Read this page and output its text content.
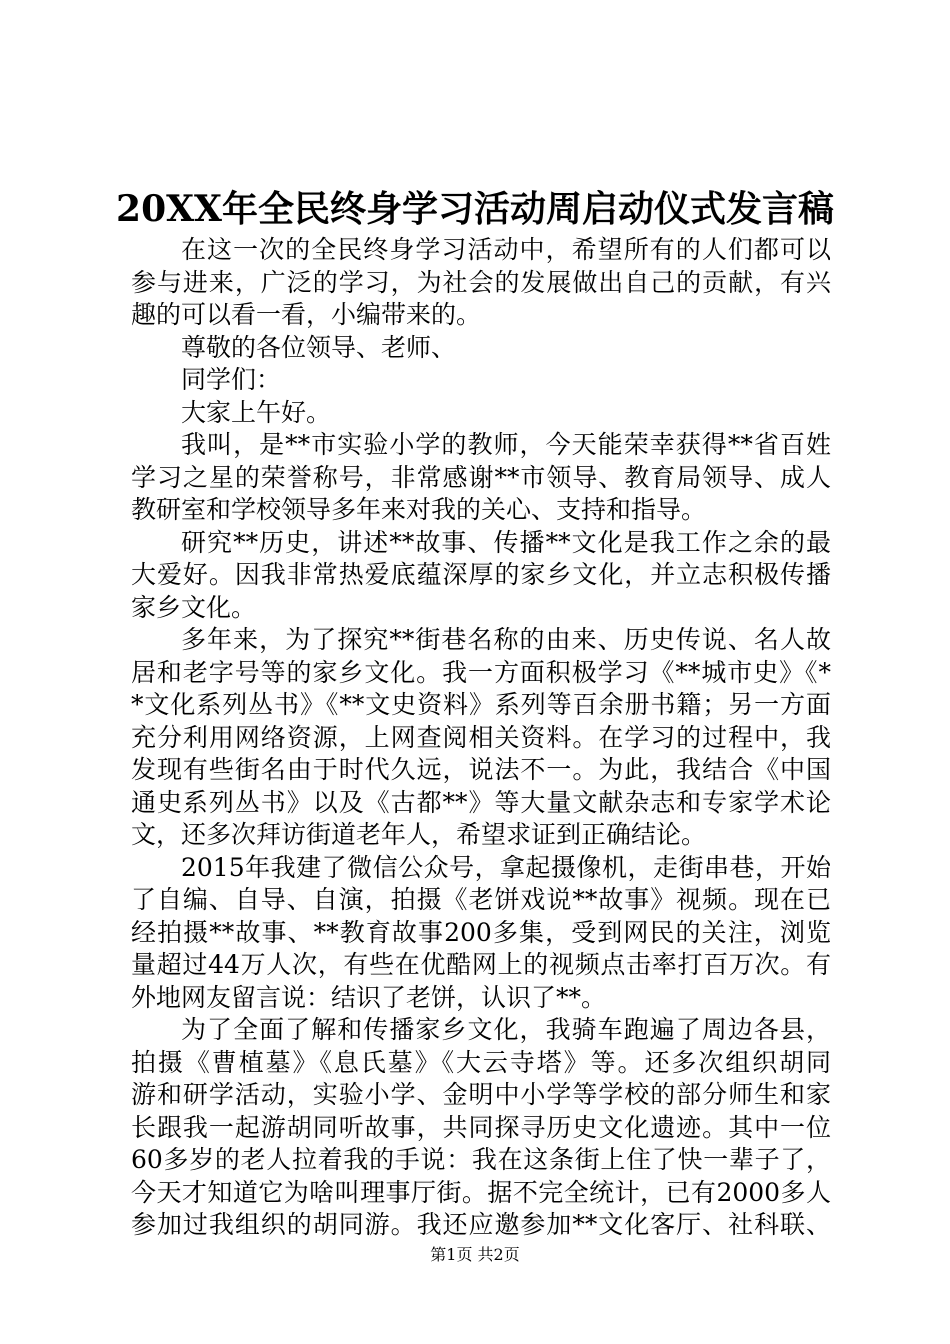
20XX年全民终身学习活动周启动仪式发言稿
在这一次的全民终身学习活动中，希望所有的人们都可以
参与进来，广泛的学习，为社会的发展做出自己的贡献，有兴
趣的可以看一看，小编带来的。
尊敬的各位领导、老师、
同学们：
大家上午好。
我叫，是**市实验小学的教师，今天能荣幸获得**省百姓
学习之星的荣誉称号，非常感谢**市领导、教育局领导、成人
教研室和学校领导多年来对我的关心、支持和指导。
研究**历史，讲述**故事、传播**文化是我工作之余的最
大爱好。因我非常热爱底蕴深厚的家乡文化，并立志积极传播
家乡文化。
多年来，为了探究**街巷名称的由来、历史传说、名人故
居和老字号等的家乡文化。我一方面积极学习《**城市史》《*
*文化系列丛书》《**文史资料》系列等百余册书籍；另一方面
充分利用网络资源，上网查阅相关资料。在学习的过程中，我
发现有些街名由于时代久远，说法不一。为此，我结合《中国
通史系列丛书》以及《古都**》等大量文献杂志和专家学术论
文，还多次拜访街道老年人，希望求证到正确结论。
2015年我建了微信公众号，拿起摄像机，走街串巷，开始
了自编、自导、自演，拍摄《老饼戏说**故事》视频。现在已
经拍摄**故事、**教育故事200多集，受到网民的关注，浏览
量超过44万人次，有些在优酷网上的视频点击率打百万次。有
外地网友留言说：结识了老饼，认识了**。
为了全面了解和传播家乡文化，我骑车跑遍了周边各县，
拍摄《曹植墓》《息氏墓》《大云寺塔》等。还多次组织胡同
游和研学活动，实验小学、金明中小学等学校的部分师生和家
长跟我一起游胡同听故事，共同探寻历史文化遗迹。其中一位
60多岁的老人拉着我的手说：我在这条街上住了快一辈子了，
今天才知道它为啥叫理事厅街。据不完全统计，已有2000多人
参加过我组织的胡同游。我还应邀参加**文化客厅、社科联、
第1页 共2页
